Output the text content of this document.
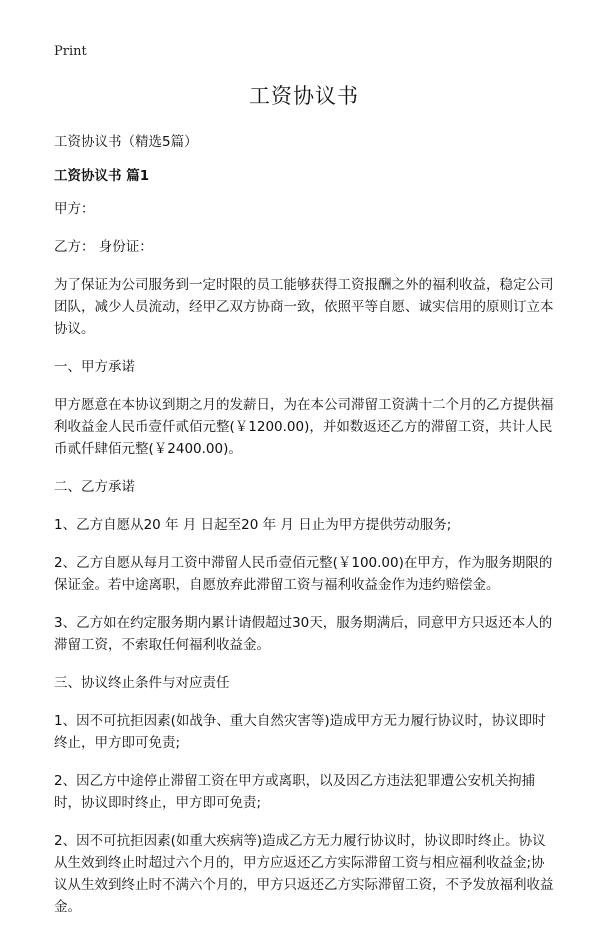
Print
工资协议书
工资协议书（精选5篇）
工资协议书 篇1
甲方：
乙方： 身份证：
为了保证为公司服务到一定时限的员工能够获得工资报酬之外的福利收益，稳定公司团队，减少人员流动，经甲乙双方协商一致，依照平等自愿、诚实信用的原则订立本协议。
一、甲方承诺
甲方愿意在本协议到期之月的发薪日，为在本公司滞留工资满十二个月的乙方提供福利收益金人民币壹仟贰佰元整(￥1200.00)，并如数返还乙方的滞留工资，共计人民币贰仟肆佰元整(￥2400.00)。
二、乙方承诺
1、乙方自愿从20 年 月 日起至20 年 月 日止为甲方提供劳动服务;
2、乙方自愿从每月工资中滞留人民币壹佰元整(￥100.00)在甲方，作为服务期限的保证金。若中途离职，自愿放弃此滞留工资与福利收益金作为违约赔偿金。
3、乙方如在约定服务期内累计请假超过30天，服务期满后，同意甲方只返还本人的滞留工资，不索取任何福利收益金。
三、协议终止条件与对应责任
1、因不可抗拒因素(如战争、重大自然灾害等)造成甲方无力履行协议时，协议即时终止，甲方即可免责;
2、因乙方中途停止滞留工资在甲方或离职，以及因乙方违法犯罪遭公安机关拘捕时，协议即时终止，甲方即可免责;
2、因不可抗拒因素(如重大疾病等)造成乙方无力履行协议时，协议即时终止。协议从生效到终止时超过六个月的，甲方应返还乙方实际滞留工资与相应福利收益金;协议从生效到终止时不满六个月的，甲方只返还乙方实际滞留工资，不予发放福利收益金。
